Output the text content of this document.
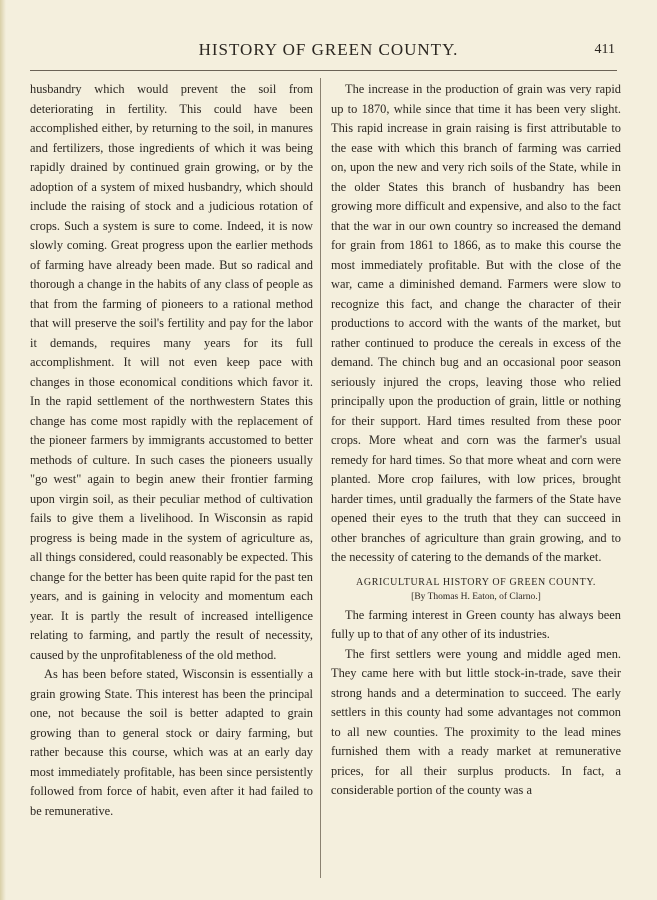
HISTORY OF GREEN COUNTY.	411

husbandry which would prevent the soil from deteriorating in fertility. This could have been accomplished either, by returning to the soil, in manures and fertilizers, those ingredients of which it was being rapidly drained by continued grain growing, or by the adoption of a system of mixed husbandry, which should include the raising of stock and a judicious rotation of crops. Such a system is sure to come. Indeed, it is now slowly coming. Great progress upon the earlier methods of farming have already been made. But so radical and thorough a change in the habits of any class of people as that from the farming of pioneers to a rational method that will preserve the soil's fertility and pay for the labor it demands, requires many years for its full accomplishment. It will not even keep pace with changes in those economical conditions which favor it. In the rapid settlement of the northwestern States this change has come most rapidly with the replacement of the pioneer farmers by immigrants accustomed to better methods of culture. In such cases the pioneers usually "go west" again to begin anew their frontier farming upon virgin soil, as their peculiar method of cultivation fails to give them a livelihood. In Wisconsin as rapid progress is being made in the system of agriculture as, all things considered, could reasonably be expected. This change for the better has been quite rapid for the past ten years, and is gaining in velocity and momentum each year. It is partly the result of increased intelligence relating to farming, and partly the result of necessity, caused by the unprofitableness of the old method.

As has been before stated, Wisconsin is essentially a grain growing State. This interest has been the principal one, not because the soil is better adapted to grain growing than to general stock or dairy farming, but rather because this course, which was at an early day most immediately profitable, has been since persistently followed from force of habit, even after it had failed to be remunerative.

The increase in the production of grain was very rapid up to 1870, while since that time it has been very slight. This rapid increase in grain raising is first attributable to the ease with which this branch of farming was carried on, upon the new and very rich soils of the State, while in the older States this branch of husbandry has been growing more difficult and expensive, and also to the fact that the war in our own country so increased the demand for grain from 1861 to 1866, as to make this course the most immediately profitable. But with the close of the war, came a diminished demand. Farmers were slow to recognize this fact, and change the character of their productions to accord with the wants of the market, but rather continued to produce the cereals in excess of the demand. The chinch bug and an occasional poor season seriously injured the crops, leaving those who relied principally upon the production of grain, little or nothing for their support. Hard times resulted from these poor crops. More wheat and corn was the farmer's usual remedy for hard times. So that more wheat and corn were planted. More crop failures, with low prices, brought harder times, until gradually the farmers of the State have opened their eyes to the truth that they can succeed in other branches of agriculture than grain growing, and to the necessity of catering to the demands of the market.

AGRICULTURAL HISTORY OF GREEN COUNTY.
[By Thomas H. Eaton, of Clarno.]

The farming interest in Green county has always been fully up to that of any other of its industries.

The first settlers were young and middle aged men. They came here with but little stock-in-trade, save their strong hands and a determination to succeed. The early settlers in this county had some advantages not common to all new counties. The proximity to the lead mines furnished them with a ready market at remunerative prices, for all their surplus products. In fact, a considerable portion of the county was a
